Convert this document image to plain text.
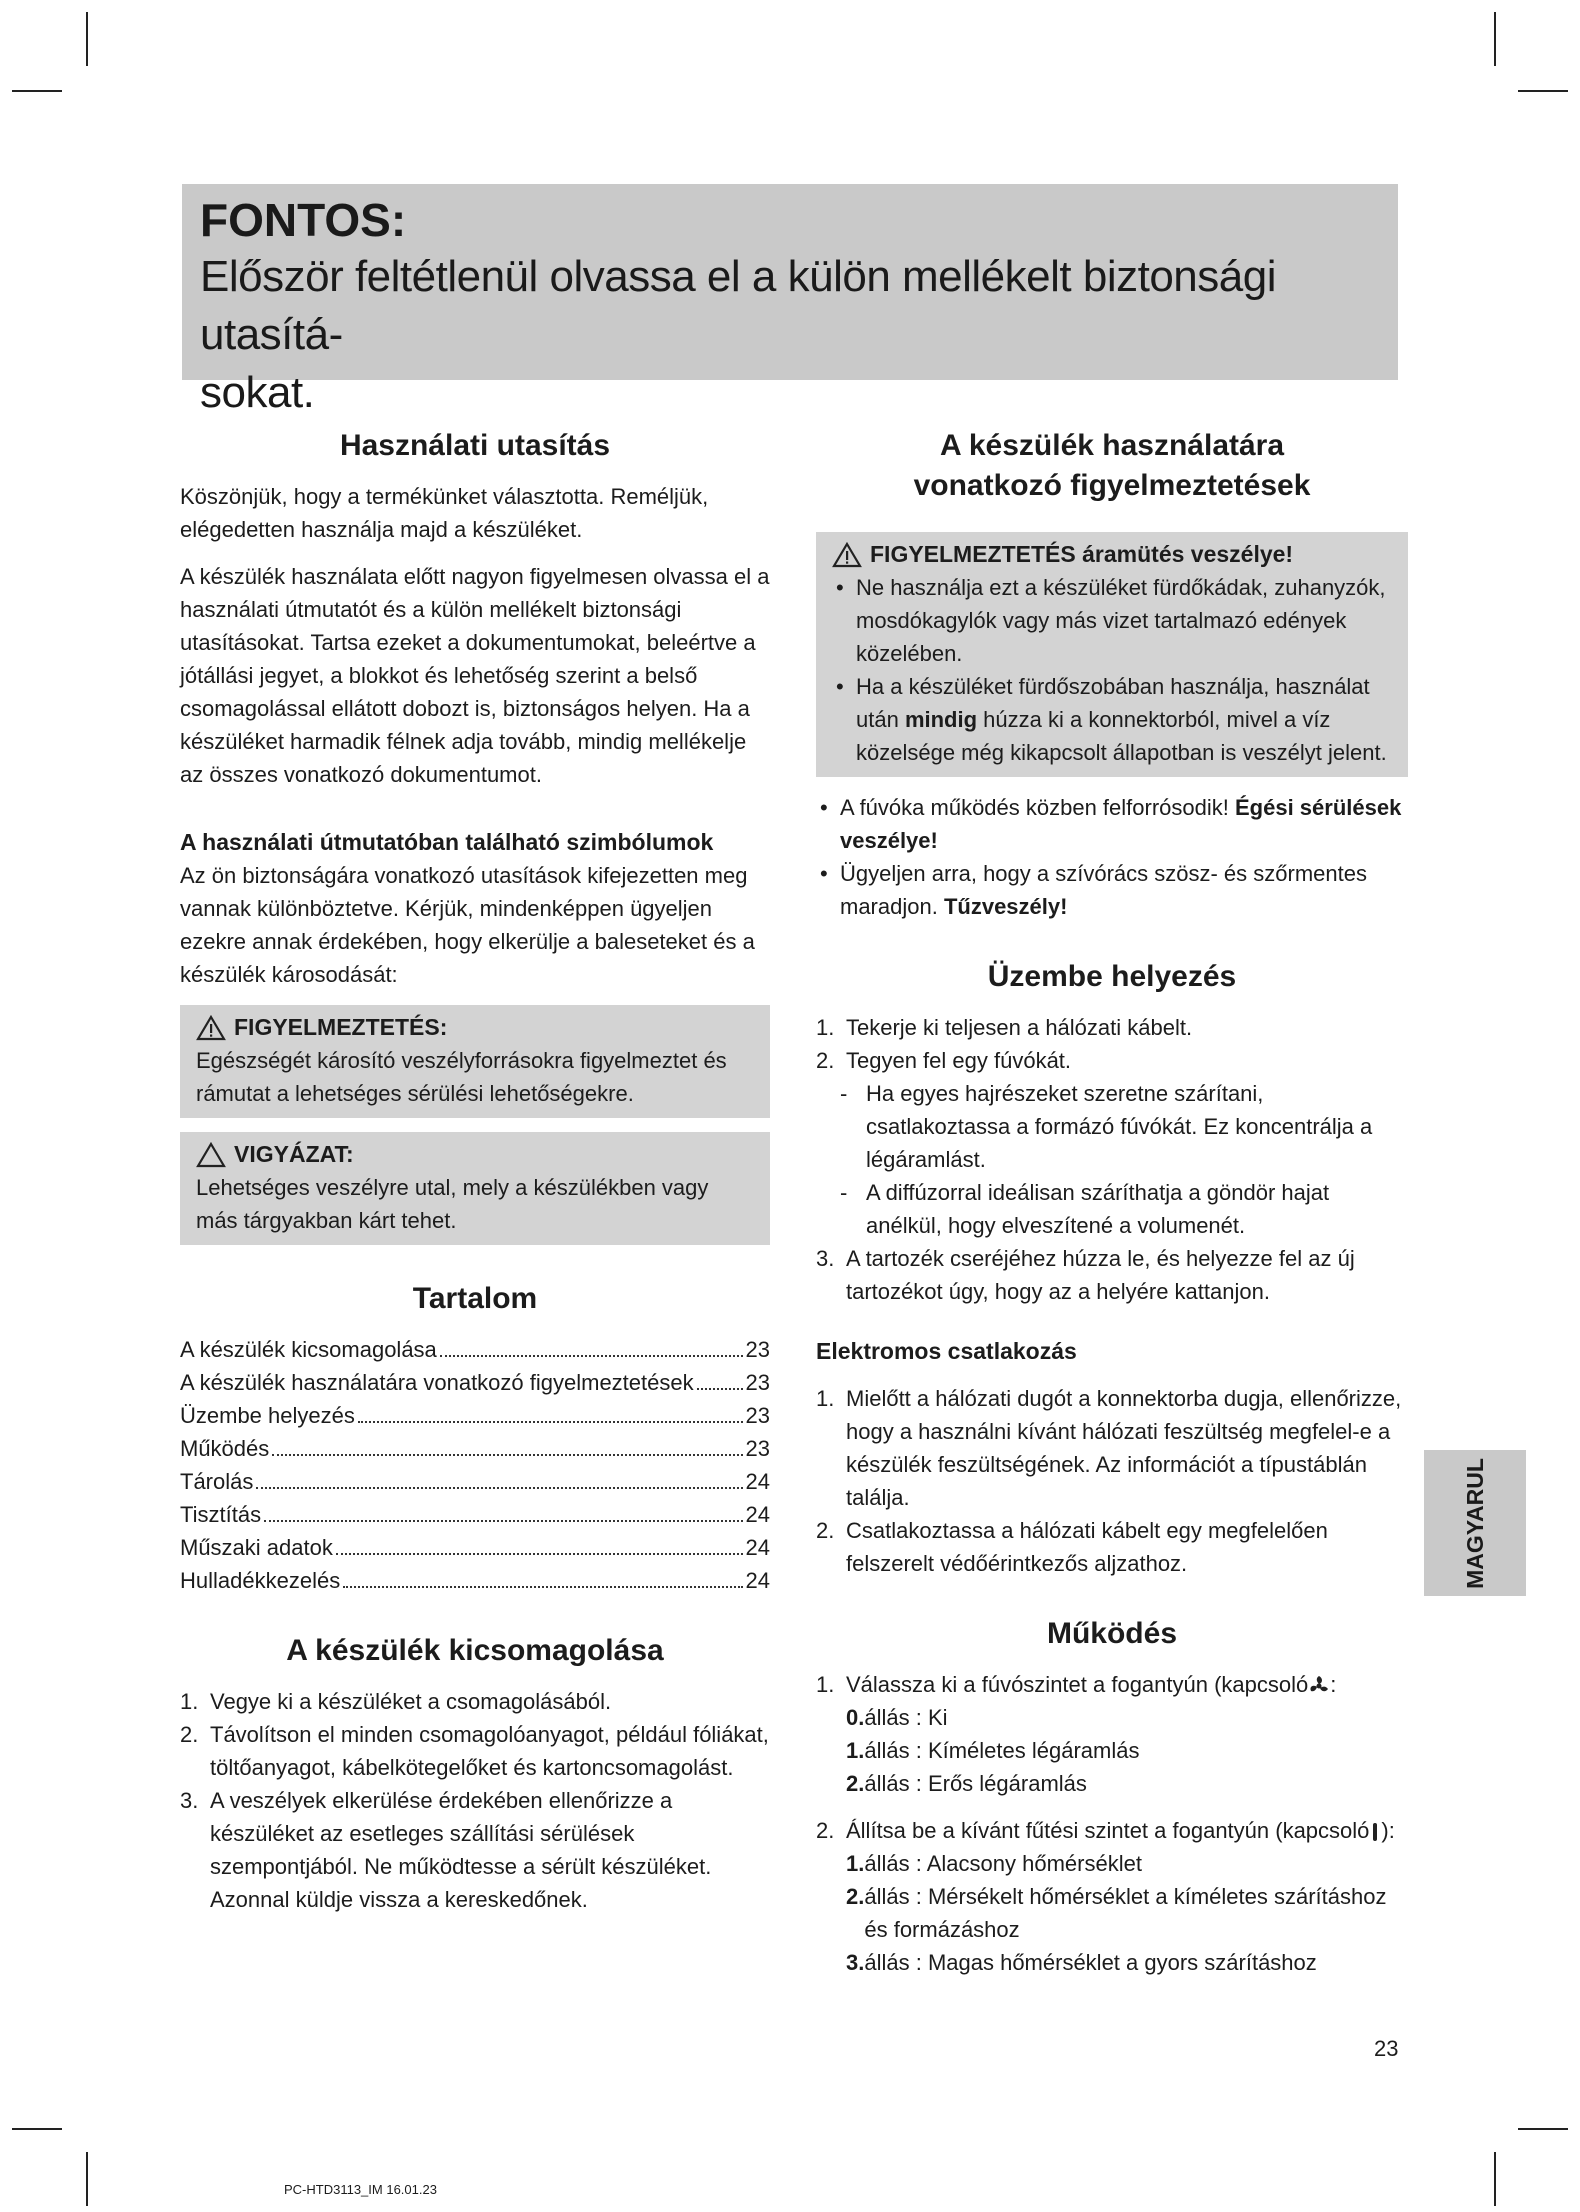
FONTOS:
Először feltétlenül olvassa el a külön mellékelt biztonsági utasítá-
sokat.
Használati utasítás

Köszönjük, hogy a termékünket választotta. Reméljük, elégedetten használja majd a készüléket.

A készülék használata előtt nagyon figyelmesen olvassa el a használati útmutatót és a külön mellékelt biztonsági utasításokat. Tartsa ezeket a dokumentumokat, beleértve a jótállási jegyet, a blokkot és lehetőség szerint a belső csomagolással ellátott dobozt is, biztonságos helyen. Ha a készüléket harmadik félnek adja tovább, mindig mellékelje az összes vonatkozó dokumentumot.

A használati útmutatóban található szimbólumok

Az ön biztonságára vonatkozó utasítások kifejezetten meg vannak különböztetve. Kérjük, mindenképpen ügyeljen ezekre annak érdekében, hogy elkerülje a baleseteket és a készülék károsodását:

FIGYELMEZTETÉS:

Egészségét károsító veszélyforrásokra figyelmeztet és rámutat a lehetséges sérülési lehetőségekre.

VIGYÁZAT:

Lehetséges veszélyre utal, mely a készülékben vagy más tárgyakban kárt tehet.

Tartalom
A készülék kicsomagolása	23
A készülék használatára vonatkozó figyelmeztetések 23
Üzembe helyezés	23
Működés	23
Tárolás	24
Tisztítás	24
Műszaki adatok	24
Hulladékkezelés	24
A készülék kicsomagolása
1. Vegye ki a készüléket a csomagolásából.
2. Távolítson el minden csomagolóanyagot, például fóliákat, töltőanyagot, kábelkötegelőket és kartoncsomagolást.
3. A veszélyek elkerülése érdekében ellenőrizze a készüléket az esetleges szállítási sérülések szempontjából. Ne működtesse a sérült készüléket. Azonnal küldje vissza a kereskedőnek.
A készülék használatára
vonatkozó figyelmeztetések
FIGYELMEZTETÉS áramütés veszélye!
• Ne használja ezt a készüléket fürdőkádak, zuhanyzók, mosdókagylók vagy más vizet tartalmazó edények közelében.
• Ha a készüléket fürdőszobában használja, használat után mindig húzza ki a konnektorból, mivel a víz közelsége még kikapcsolt állapotban is veszélyt jelent.
• A fúvóka működés közben felforrósodik! Égési sérülések veszélye!
• Ügyeljen arra, hogy a szívórács szösz- és szőrmentes maradjon. Tűzveszély!
Üzembe helyezés
1. Tekerje ki teljesen a hálózati kábelt.
2. Tegyen fel egy fúvókát.
- Ha egyes hajrészeket szeretne szárítani, csatlakoztassa a formázó fúvókát. Ez koncentrálja a légáramlást.
- A diffúzorral ideálisan száríthatja a göndör hajat anélkül, hogy elveszítené a volumenét.
3. A tartozék cseréjéhez húzza le, és helyezze fel az új tartozékot úgy, hogy az a helyére kattanjon.
Elektromos csatlakozás
1. Mielőtt a hálózati dugót a konnektorba dugja, ellenőrizze, hogy a használni kívánt hálózati feszültség megfelel-e a készülék feszültségének. Az információt a típustáblán találja.
2. Csatlakoztassa a hálózati kábelt egy megfelelően felszerelt védőérintkezős aljzathoz.
Működés
1. Válassza ki a fúvószintet a fogantyún (kapcsoló :
0. állás : Ki
1. állás : Kíméletes légáramlás
2. állás : Erős légáramlás
2. Állítsa be a kívánt fűtési szintet a fogantyún (kapcsoló ):
1. állás : Alacsony hőmérséklet
2. állás : Mérsékelt hőmérséklet a kíméletes szárításhoz és formázáshoz
3. állás : Magas hőmérséklet a gyors szárításhoz
MAGYARUL
23
PC-HTD3113_IM 16.01.23
